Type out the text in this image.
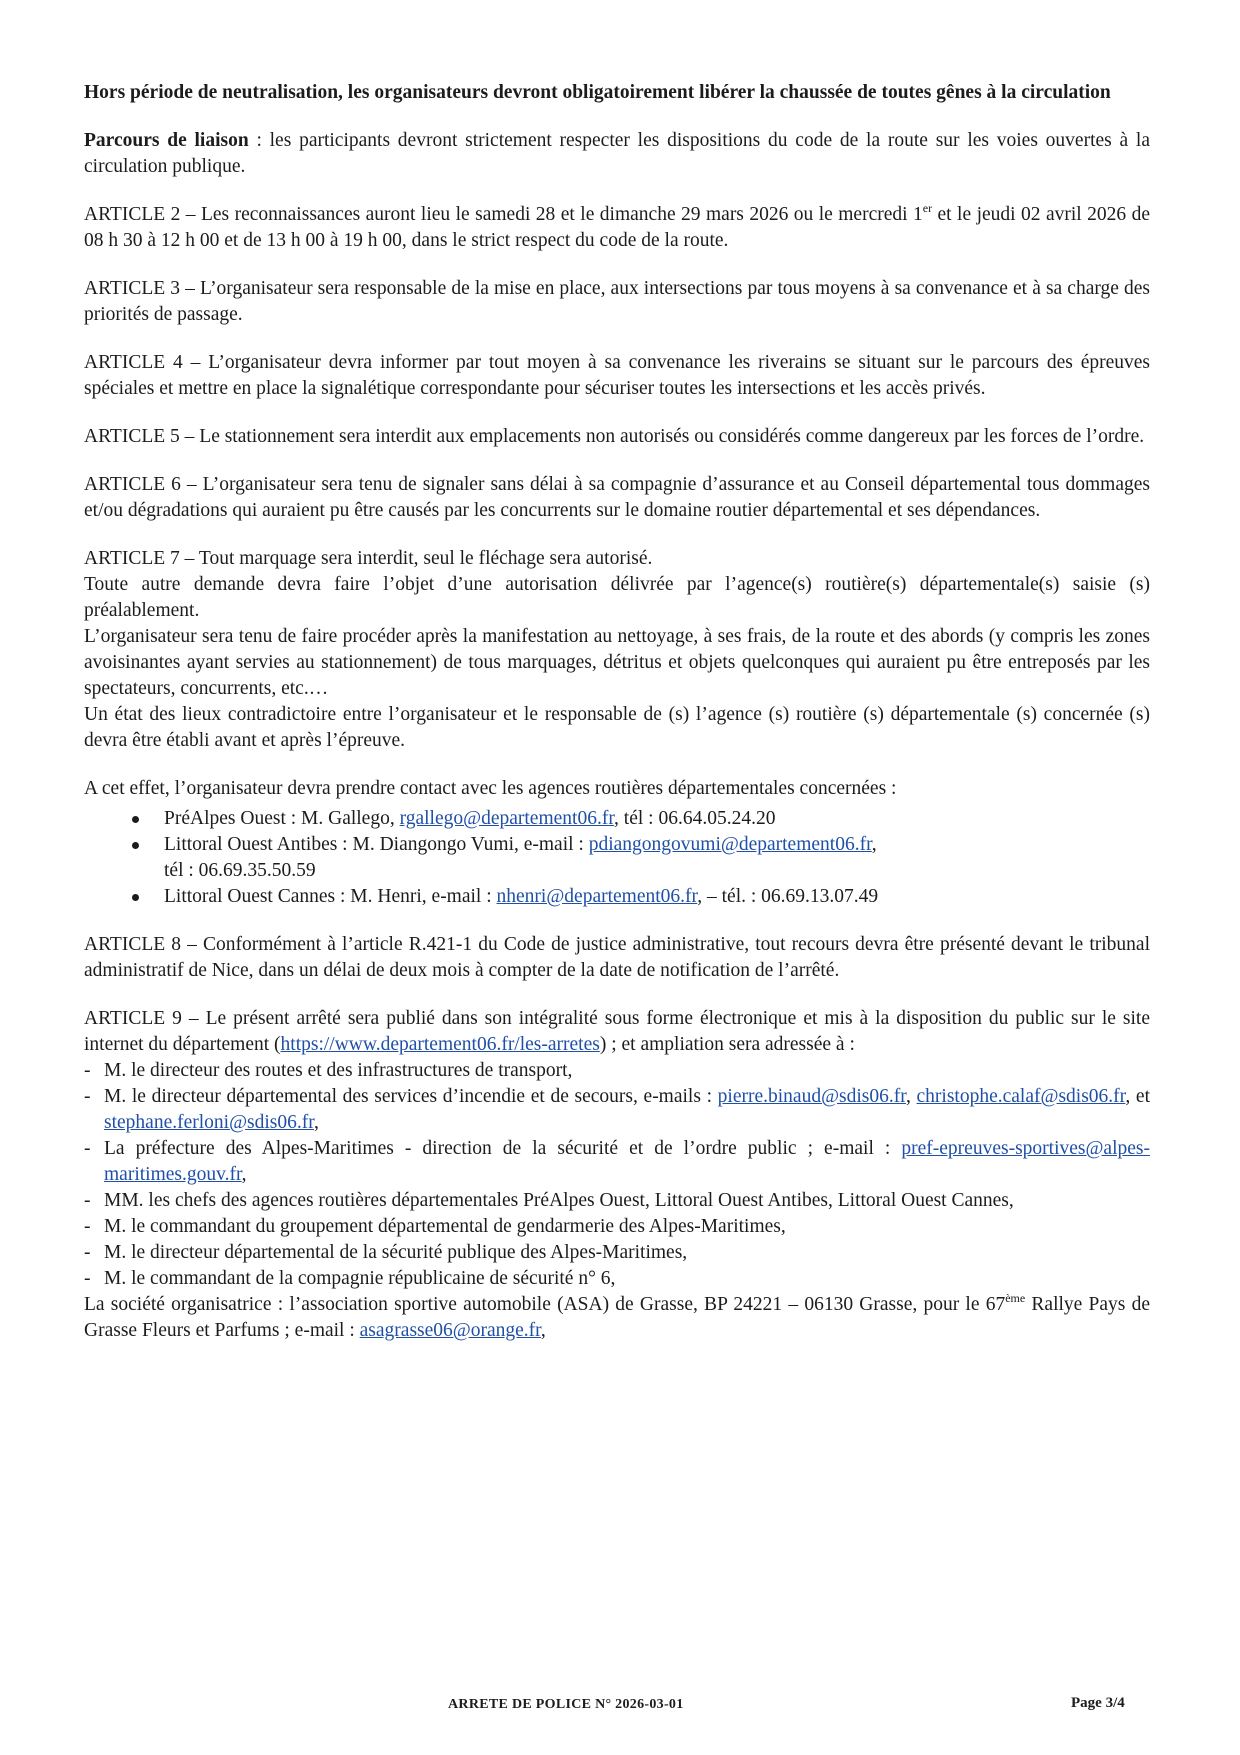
Hors période de neutralisation, les organisateurs devront obligatoirement libérer la chaussée de toutes gênes à la circulation

Parcours de liaison : les participants devront strictement respecter les dispositions du code de la route sur les voies ouvertes à la circulation publique.

ARTICLE 2 – Les reconnaissances auront lieu le samedi 28 et le dimanche 29 mars 2026 ou le mercredi 1er et le jeudi 02 avril 2026 de 08 h 30 à 12 h 00 et de 13 h 00 à 19 h 00, dans le strict respect du code de la route.

ARTICLE 3 – L’organisateur sera responsable de la mise en place, aux intersections par tous moyens à sa convenance et à sa charge des priorités de passage.

ARTICLE 4 – L’organisateur devra informer par tout moyen à sa convenance les riverains se situant sur le parcours des épreuves spéciales et mettre en place la signalétique correspondante pour sécuriser toutes les intersections et les accès privés.

ARTICLE 5 – Le stationnement sera interdit aux emplacements non autorisés ou considérés comme dangereux par les forces de l’ordre.

ARTICLE 6 – L’organisateur sera tenu de signaler sans délai à sa compagnie d’assurance et au Conseil départemental tous dommages et/ou dégradations qui auraient pu être causés par les concurrents sur le domaine routier départemental et ses dépendances.

ARTICLE 7 – Tout marquage sera interdit, seul le fléchage sera autorisé.

Toute autre demande devra faire l’objet d’une autorisation délivrée par l’agence(s) routière(s) départementale(s) saisie (s) préalablement.

L’organisateur sera tenu de faire procéder après la manifestation au nettoyage, à ses frais, de la route et des abords (y compris les zones avoisinantes ayant servies au stationnement) de tous marquages, détritus et objets quelconques qui auraient pu être entreposés par les spectateurs, concurrents, etc.…

Un état des lieux contradictoire entre l’organisateur et le responsable de (s) l’agence (s) routière (s) départementale (s) concernée (s) devra être établi avant et après l’épreuve.

A cet effet, l’organisateur devra prendre contact avec les agences routières départementales concernées :

PréAlpes Ouest : M. Gallego, rgallego@departement06.fr, tél : 06.64.05.24.20
Littoral Ouest Antibes : M. Diangongo Vumi, e-mail : pdiangongovumi@departement06.fr,
tél : 06.69.35.50.59
Littoral Ouest Cannes : M. Henri, e-mail : nhenri@departement06.fr, – tél. : 06.69.13.07.49

ARTICLE 8 – Conformément à l’article R.421-1 du Code de justice administrative, tout recours devra être présenté devant le tribunal administratif de Nice, dans un délai de deux mois à compter de la date de notification de l’arrêté.

ARTICLE 9 – Le présent arrêté sera publié dans son intégralité sous forme électronique et mis à la disposition du public sur le site internet du département (https://www.departement06.fr/les-arretes) ; et ampliation sera adressée à :

- M. le directeur des routes et des infrastructures de transport,
- M. le directeur départemental des services d’incendie et de secours, e-mails : pierre.binaud@sdis06.fr, christophe.calaf@sdis06.fr, et stephane.ferloni@sdis06.fr,
- La préfecture des Alpes-Maritimes - direction de la sécurité et de l’ordre public ; e-mail : pref-epreuves-sportives@alpes-maritimes.gouv.fr,
- MM. les chefs des agences routières départementales PréAlpes Ouest, Littoral Ouest Antibes, Littoral Ouest Cannes,
- M. le commandant du groupement départemental de gendarmerie des Alpes-Maritimes,
- M. le directeur départemental de la sécurité publique des Alpes-Maritimes,
- M. le commandant de la compagnie républicaine de sécurité n° 6,

La société organisatrice : l’association sportive automobile (ASA) de Grasse, BP 24221 – 06130 Grasse, pour le 67ème Rallye Pays de Grasse Fleurs et Parfums ; e-mail : asagrasse06@orange.fr,

ARRETE DE POLICE N° 2026-03-01	Page 3/4
